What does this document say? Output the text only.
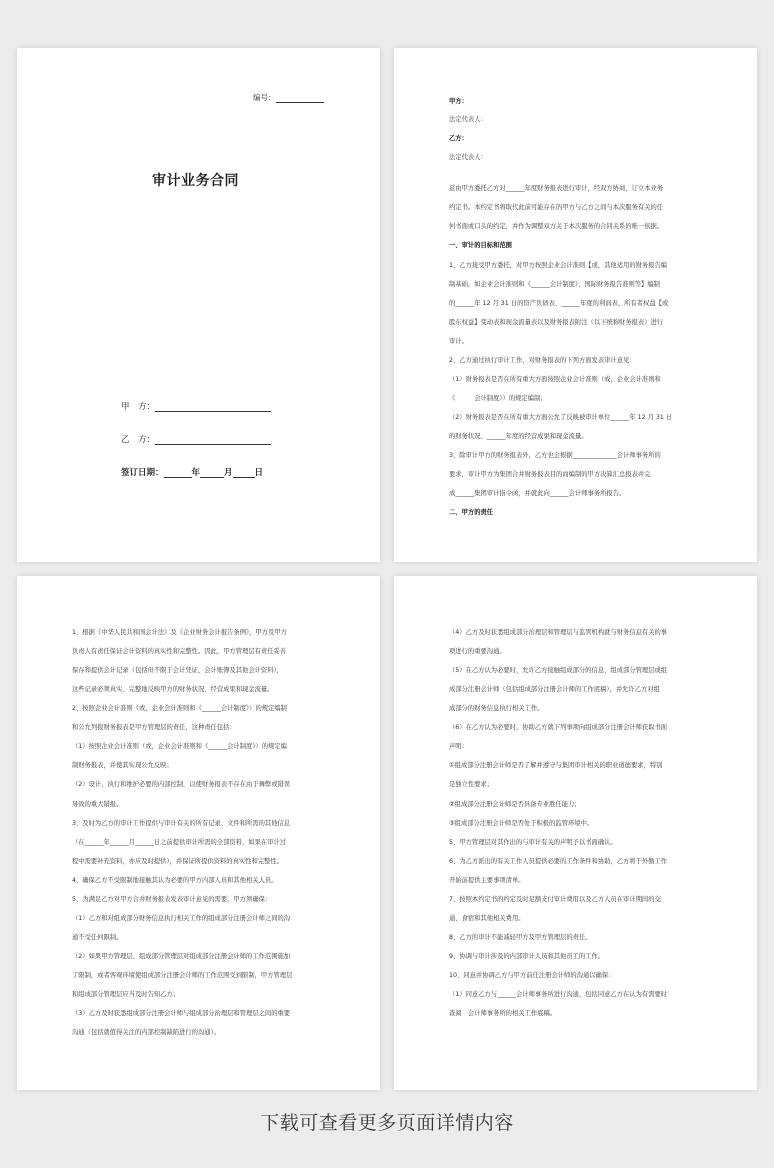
编号：
审计业务合同
甲　方：
乙　方：
签订日期：	年	月	日
甲方：
法定代表人：
乙方：
法定代表人：
兹由甲方委托乙方对______年度财务报表进行审计，经双方协商，订立本业务
约定书。本约定书将取代此前可能存在的甲方与乙方之间与本次服务有关的任
何书面或口头的约定，并作为调整双方关于本次服务的合同关系的唯一依据。
一、审计的目标和范围
1、乙方接受甲方委托，对甲方按照企业会计准则【或，其他适用的财务报告编
制基础，如企业会计准则和《______会计制度》、国际财务报告准则等】编制
的______年 12 月 31 日的资产负债表、______年度的利润表、所有者权益【或
股东权益】变动表和现金流量表以及财务报表附注（以下统称财务报表）进行
审计。
2、乙方通过执行审计工作，对财务报表的下列方面发表审计意见：
（1）财务报表是否在所有重大方面按照企业会计准则（或，企业会计准则和
《　　　会计制度》）的规定编制；
（2）财务报表是否在所有重大方面公允了反映被审计单位______年 12 月 31 日
的财务状况、______年度的经营成果和现金流量。
3、除审计甲方的财务报表外，乙方也会根据______________会计师事务所的
要求，审计甲方为集团合并财务报表目的而编制的甲方决算汇总报表并完
成______集团审计指令函，并就此向______会计师事务所报告。
二、甲方的责任
1、根据《中华人民共和国会计法》及《企业财务会计报告条例》，甲方及甲方
负责人有责任保证会计资料的真实性和完整性。因此，甲方管理层有责任妥善
保存和提供会计记录（包括但不限于会计凭证、会计账簿及其他会计资料），
这些记录必须真实、完整地反映甲方的财务状况、经营成果和现金流量。
2、按照企业会计准则（或，企业会计准则和《______会计制度》）的规定编制
和公允列报财务报表是甲方管理层的责任，这种责任包括：
（1）按照企业会计准则（或，企业会计准则和《______会计制度》）的规定编
制财务报表，并使其实现公允反映；
（2）设计、执行和维护必要的内部控制，以使财务报表不存在由于舞弊或错误
导致的重大错报。
3、及时为乙方的审计工作提供与审计有关的所有记录、文件和所需的其他信息
（在______年______月______日之前提供审计所需的全部资料，如果在审计过
程中需要补充资料，亦应及时提供），并保证所提供资料的真实性和完整性。
4、确保乙方不受限制地接触其认为必要的甲方内部人员和其他相关人员。
5、为满足乙方对甲方合并财务报表发表审计意见的需要，甲方须确保：
（1）乙方和对组成部分财务信息执行相关工作的组成部分注册会计师之间的沟
通不受任何限制。
（2）如果甲方管理层、组成部分管理层对组成部分注册会计师的工作范围施加
了限制，或者客观环境使组成部分注册会计师的工作范围受到限制，甲方管理层
和组成部分管理层应当及时告知乙方；
（3）乙方及时获悉组成部分注册会计师与组成部分治理层和管理层之间的重要
沟通（包括就值得关注的内部控制缺陷进行的沟通）。
（4）乙方及时获悉组成部分治理层和管理层与监管机构就与财务信息有关的事
项进行的重要沟通。
（5）在乙方认为必要时，允许乙方接触组成部分的信息、组成部分管理层或组
成部分注册会计师（包括组成部分注册会计师的工作底稿），并允许乙方对组
成部分的财务信息执行相关工作。
（6）在乙方认为必要时，协助乙方就下列事项向组成部分注册会计师获取书面
声明：
①组成部分注册会计师是否了解并遵守与集团审计相关的职业道德要求，特别
是独立性要求；
②组成部分注册会计师是否具备专业胜任能力；
③组成部分注册会计师是否处于积极的监管环境中。
5、甲方管理层对其作出的与审计有关的声明予以书面确认。
6、为乙方派出的有关工作人员提供必要的工作条件和协助，乙方将于外勤工作
开始前提供主要事项清单。
7、按照本约定书的约定及时足额支付审计费用以及乙方人员在审计期间的交
通、食宿和其他相关费用。
8、乙方的审计不能减轻甲方及甲方管理层的责任。
9、协调与审计涉及的内部审计人员和其他员工的工作。
10、同意并协调乙方与甲方前任注册会计师的沟通以确保：
（1）同意乙方与______会计师事务所进行沟通，包括同意乙方在认为有需要时
查阅　会计师事务所的相关工作底稿。
下载可查看更多页面详情内容
